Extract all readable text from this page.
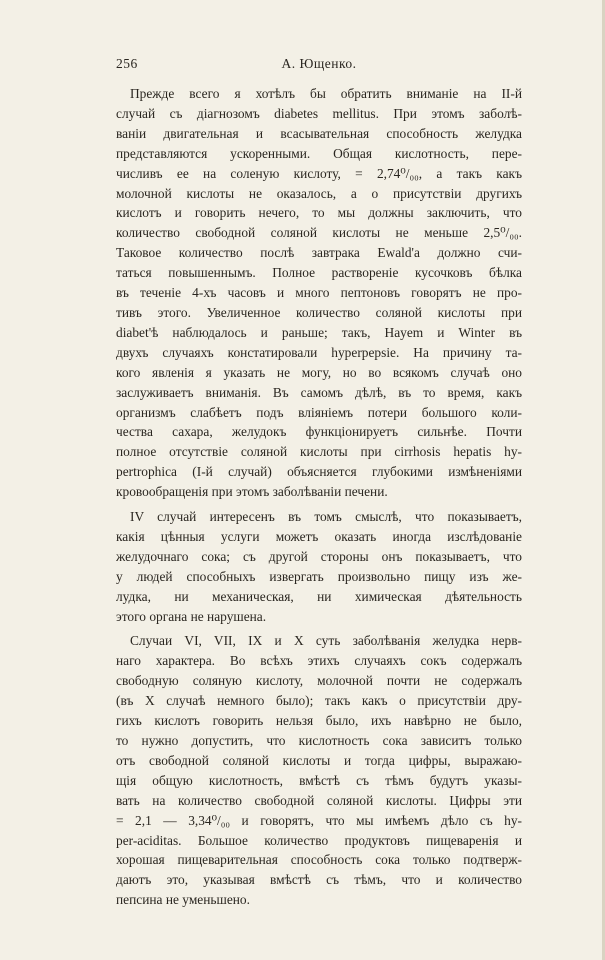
256	А. Ющенко.
Прежде всего я хотѣлъ бы обратить вниманіе на II-й
случай съ діагнозомъ diabetes mellitus. При этомъ заболѣ-
ваніи двигательная и всасывательная способность желудка
представляются ускоренными. Общая кислотность, пере-
числивъ ее на соленую кислоту, = 2,74⁰/₀₀, а такъ какъ
молочной кислоты не оказалось, а о присутствіи другихъ
кислотъ и говорить нечего, то мы должны заключить, что
количество свободной соляной кислоты не меньше 2,5⁰/₀₀.
Таковое количество послѣ завтрака Ewald'а должно счи-
таться повышеннымъ. Полное раствореніе кусочковъ бѣлка
въ теченіе 4-хъ часовъ и много пептоновъ говорятъ не про-
тивъ этого. Увеличенное количество соляной кислоты при
diabet'ѣ наблюдалось и раньше; такъ, Hayem и Winter въ
двухъ случаяхъ констатировали hyperpepsie. На причину та-
кого явленія я указать не могу, но во всякомъ случаѣ оно
заслуживаетъ вниманія. Въ самомъ дѣлѣ, въ то время, какъ
организмъ слабѣетъ подъ вліяніемъ потери большого коли-
чества сахара, желудокъ функціонируетъ сильнѣе. Почти
полное отсутствіе соляной кислоты при cirrhosis hepatis hy-
pertrophica (I-й случай) объясняется глубокими измѣненіями
кровообращенія при этомъ заболѣваніи печени.
IV случай интересенъ въ томъ смыслѣ, что показываетъ,
какія цѣнныя услуги можетъ оказать иногда изслѣдованіе
желудочнаго сока; съ другой стороны онъ показываетъ, что
у людей способныхъ извергать произвольно пищу изъ же-
лудка, ни механическая, ни химическая дѣятельность
этого органа не нарушена.
Случаи VI, VII, IX и X суть заболѣванія желудка нерв-
наго характера. Во всѣхъ этихъ случаяхъ сокъ содержалъ
свободную соляную кислоту, молочной почти не содержалъ
(въ X случаѣ немного было); такъ какъ о присутствіи дру-
гихъ кислотъ говорить нельзя было, ихъ навѣрно не было,
то нужно допустить, что кислотность сока зависитъ только
отъ свободной соляной кислоты и тогда цифры, выражаю-
щія общую кислотность, вмѣстѣ съ тѣмъ будутъ указы-
вать на количество свободной соляной кислоты. Цифры эти
= 2,1 — 3,34⁰/₀₀ и говорятъ, что мы имѣемъ дѣло съ hy-
per-aciditas. Большое количество продуктовъ пищеваренія и
хорошая пищеварительная способность сока только подтверж-
даютъ это, указывая вмѣстѣ съ тѣмъ, что и количество
пепсина не уменьшено.
